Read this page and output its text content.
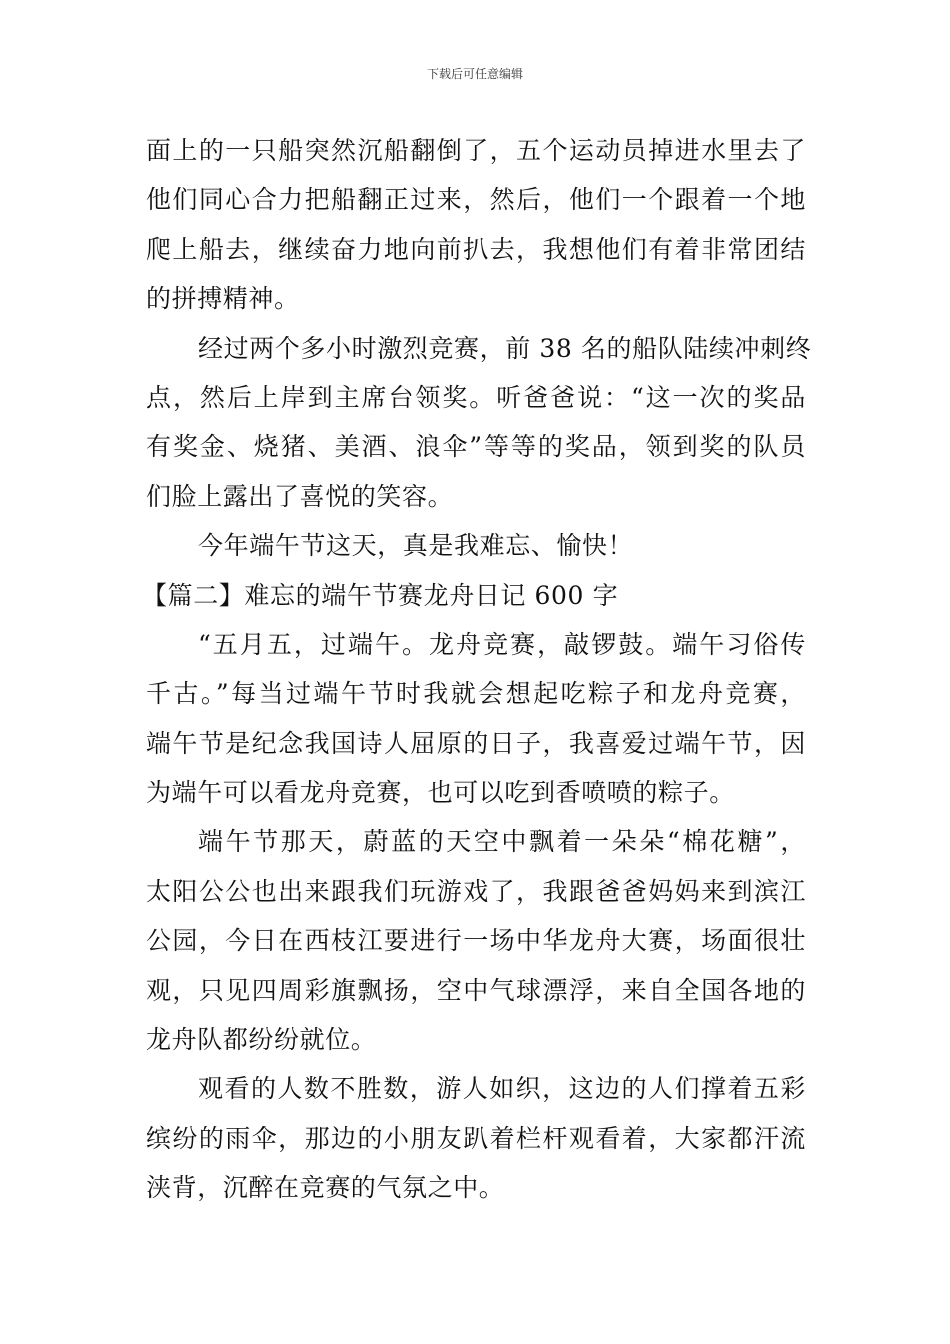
下载后可任意编辑
面上的一只船突然沉船翻倒了，五个运动员掉进水里去了
他们同心合力把船翻正过来，然后，他们一个跟着一个地
爬上船去，继续奋力地向前扒去，我想他们有着非常团结
的拼搏精神。
经过两个多小时激烈竞赛，前 38 名的船队陆续冲刺终
点，然后上岸到主席台领奖。听爸爸说：“这一次的奖品
有奖金、烧猪、美酒、浪伞”等等的奖品，领到奖的队员
们脸上露出了喜悦的笑容。
今年端午节这天，真是我难忘、愉快！
【篇二】难忘的端午节赛龙舟日记 600 字
“五月五，过端午。龙舟竞赛，敲锣鼓。端午习俗传
千古。”每当过端午节时我就会想起吃粽子和龙舟竞赛，
端午节是纪念我国诗人屈原的日子，我喜爱过端午节，因
为端午可以看龙舟竞赛，也可以吃到香喷喷的粽子。
端午节那天，蔚蓝的天空中飘着一朵朵“棉花糖”，
太阳公公也出来跟我们玩游戏了，我跟爸爸妈妈来到滨江
公园，今日在西枝江要进行一场中华龙舟大赛，场面很壮
观，只见四周彩旗飘扬，空中气球漂浮，来自全国各地的
龙舟队都纷纷就位。
观看的人数不胜数，游人如织，这边的人们撑着五彩
缤纷的雨伞，那边的小朋友趴着栏杆观看着，大家都汗流
浃背，沉醉在竞赛的气氛之中。
